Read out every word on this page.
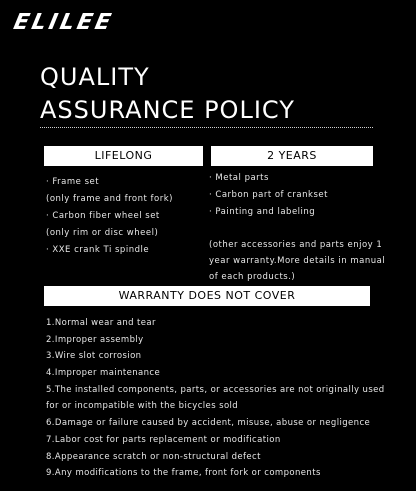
ELILEE
QUALITY
ASSURANCE POLICY
LIFELONG	2 YEARS
· Frame set
(only frame and front fork)
· Carbon fiber wheel set
(only rim or disc wheel)
· XXE crank Ti spindle
· Metal parts
· Carbon part of crankset
· Painting and labeling
(other accessories and parts enjoy 1
year warranty.More details in manual
of each products.)
WARRANTY DOES NOT COVER
1.Normal wear and tear
2.Improper assembly
3.Wire slot corrosion
4.Improper maintenance
5.The installed components, parts, or accessories are not originally used
for or incompatible with the bicycles sold
6.Damage or failure caused by accident, misuse, abuse or negligence
7.Labor cost for parts replacement or modification
8.Appearance scratch or non-structural defect
9.Any modifications to the frame, front fork or components
